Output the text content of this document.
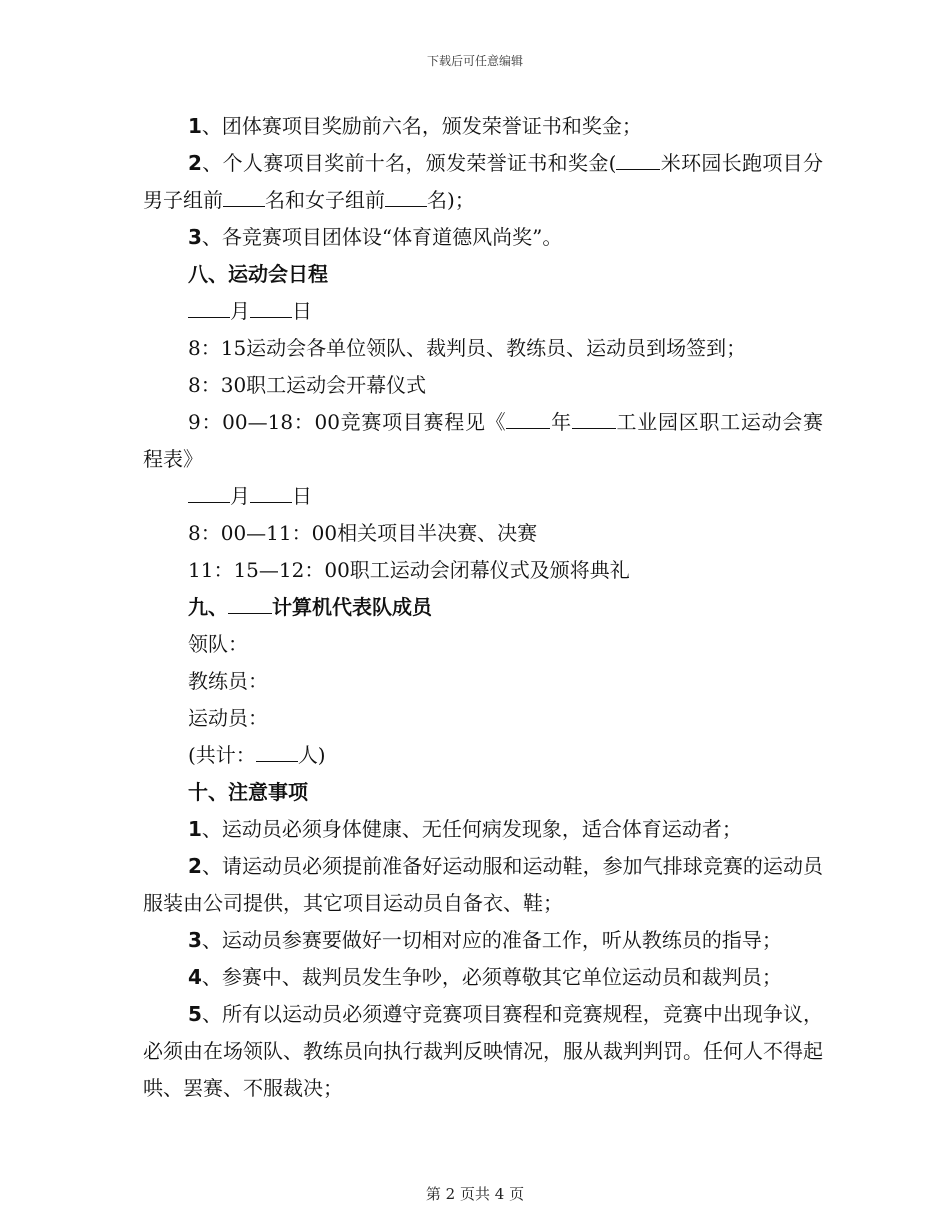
下载后可任意编辑

1、团体赛项目奖励前六名，颁发荣誉证书和奖金；

2、个人赛项目奖前十名，颁发荣誉证书和奖金( 米环园长跑项目分男子组前 名和女子组前 名)；

3、各竞赛项目团体设“体育道德风尚奖”。

八、运动会日程

月 日

8：15运动会各单位领队、裁判员、教练员、运动员到场签到；

8：30职工运动会开幕仪式

9：00—18：00竞赛项目赛程见《 年 工业园区职工运动会赛程表》

月 日

8：00—11：00相关项目半决赛、决赛

11：15—12：00职工运动会闭幕仪式及颁将典礼

九、 计算机代表队成员

领队：

教练员：

运动员：

(共计： 人)

十、注意事项

1、运动员必须身体健康、无任何病发现象，适合体育运动者；

2、请运动员必须提前准备好运动服和运动鞋，参加气排球竞赛的运动员服装由公司提供，其它项目运动员自备衣、鞋；

3、运动员参赛要做好一切相对应的准备工作，听从教练员的指导；

4、参赛中、裁判员发生争吵，必须尊敬其它单位运动员和裁判员；

5、所有以运动员必须遵守竞赛项目赛程和竞赛规程，竞赛中出现争议，必须由在场领队、教练员向执行裁判反映情况，服从裁判判罚。任何人不得起哄、罢赛、不服裁决；

第 2 页共 4 页
